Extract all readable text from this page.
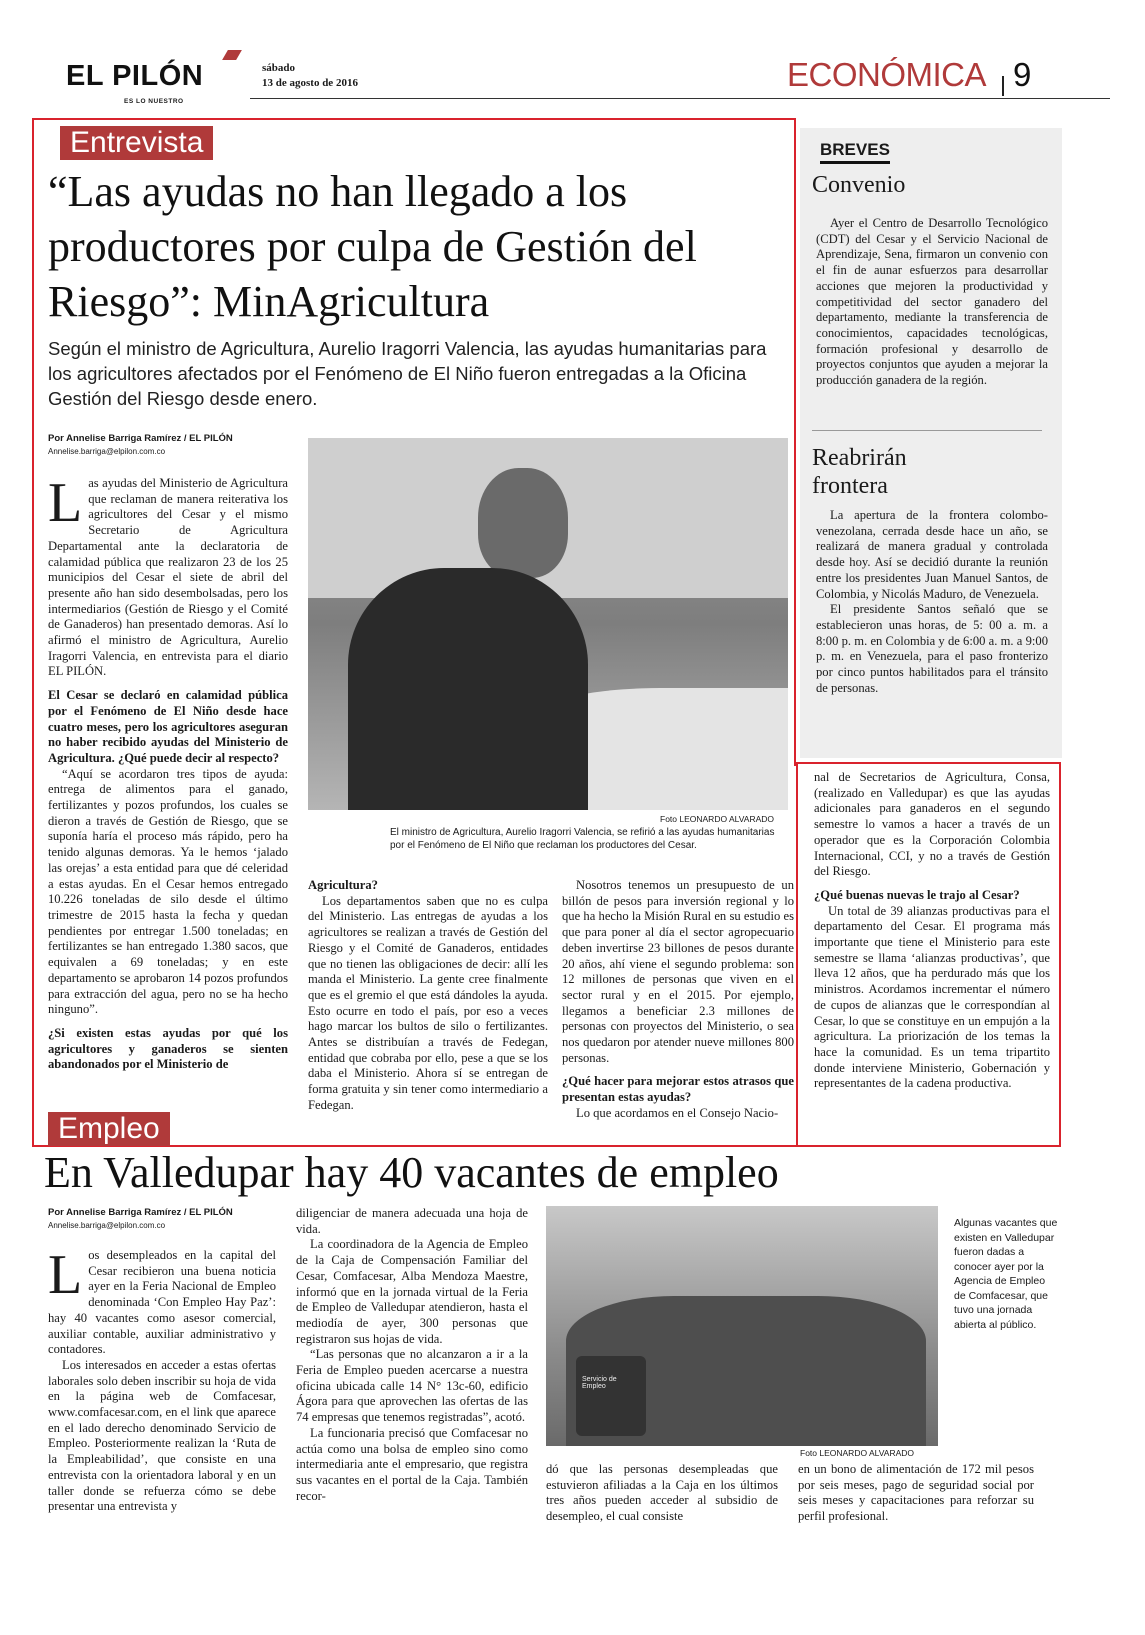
EL PILÓN
ES LO NUESTRO
sábado
13 de agosto de 2016	ECONÓMICA 9
Entrevista
“Las ayudas no han llegado a los productores por culpa de Gestión del Riesgo”: MinAgricultura
Según el ministro de Agricultura, Aurelio Iragorri Valencia, las ayudas humanitarias para los agricultores afectados por el Fenómeno de El Niño fueron entregadas a la Oficina Gestión del Riesgo desde enero.
Por Annelise Barriga Ramírez / EL PILÓN
Annelise.barriga@elpilon.com.co

Las ayudas del Ministerio de Agricultura que reclaman de manera reiterativa los agricultores del Cesar y el mismo Secretario de Agricultura Departamental ante la declaratoria de calamidad pública que realizaron 23 de los 25 municipios del Cesar el siete de abril del presente año han sido desembolsadas, pero los intermediarios (Gestión de Riesgo y el Comité de Ganaderos) han presentado demoras. Así lo afirmó el ministro de Agricultura, Aurelio Iragorri Valencia, en entrevista para el diario EL PILÓN.

El Cesar se declaró en calamidad pública por el Fenómeno de El Niño desde hace cuatro meses, pero los agricultores aseguran no haber recibido ayudas del Ministerio de Agricultura. ¿Qué puede decir al respecto?

“Aquí se acordaron tres tipos de ayuda: entrega de alimentos para el ganado, fertilizantes y pozos profundos, los cuales se dieron a través de Gestión de Riesgo, que se suponía haría el proceso más rápido, pero ha tenido algunas demoras. Ya le hemos ‘jalado las orejas’ a esta entidad para que dé celeridad a estas ayudas. En el Cesar hemos entregado 10.226 toneladas de silo desde el último trimestre de 2015 hasta la fecha y quedan pendientes por entregar 1.500 toneladas; en fertilizantes se han entregado 1.380 sacos, que equivalen a 69 toneladas; y en este departamento se aprobaron 14 pozos profundos para extracción del agua, pero no se ha hecho ninguno”.

¿Si existen estas ayudas por qué los agricultores y ganaderos se sienten abandonados por el Ministerio de

Foto LEONARDO ALVARADO
El ministro de Agricultura, Aurelio Iragorri Valencia, se refirió a las ayudas humanitarias por el Fenómeno de El Niño que reclaman los productores del Cesar.

Agricultura?

Los departamentos saben que no es culpa del Ministerio. Las entregas de ayudas a los agricultores se realizan a través de Gestión del Riesgo y el Comité de Ganaderos, entidades que no tienen las obligaciones de decir: allí les manda el Ministerio. La gente cree finalmente que es el gremio el que está dándoles la ayuda. Esto ocurre en todo el país, por eso a veces hago marcar los bultos de silo o fertilizantes. Antes se distribuían a través de Fedegan, entidad que cobraba por ello, pese a que se los daba el Ministerio. Ahora sí se entregan de forma gratuita y sin tener como intermediario a Fedegan.

Nosotros tenemos un presupuesto de un billón de pesos para inversión regional y lo que ha hecho la Misión Rural en su estudio es que para poner al día el sector agropecuario deben invertirse 23 billones de pesos durante 20 años, ahí viene el segundo problema: son 12 millones de personas que viven en el sector rural y en el 2015. Por ejemplo, llegamos a beneficiar 2.3 millones de personas con proyectos del Ministerio, o sea nos quedaron por atender nueve millones 800 personas.

¿Qué hacer para mejorar estos atrasos que presentan estas ayudas?

Lo que acordamos en el Consejo Nacio-

nal de Secretarios de Agricultura, Consa, (realizado en Valledupar) es que las ayudas adicionales para ganaderos en el segundo semestre lo vamos a hacer a través de un operador que es la Corporación Colombia Internacional, CCI, y no a través de Gestión del Riesgo.

¿Qué buenas nuevas le trajo al Cesar?

Un total de 39 alianzas productivas para el departamento del Cesar. El programa más importante que tiene el Ministerio para este semestre se llama ‘alianzas productivas’, que lleva 12 años, que ha perdurado más que los ministros. Acordamos incrementar el número de cupos de alianzas que le correspondían al Cesar, lo que se constituye en un empujón a la agricultura. La priorización de los temas la hace la comunidad. Es un tema tripartito donde interviene Ministerio, Gobernación y representantes de la cadena productiva.

BREVES
Convenio

Ayer el Centro de Desarrollo Tecnológico (CDT) del Cesar y el Servicio Nacional de Aprendizaje, Sena, firmaron un convenio con el fin de aunar esfuerzos para desarrollar acciones que mejoren la productividad y competitividad del sector ganadero del departamento, mediante la transferencia de conocimientos, capacidades tecnológicas, formación profesional y desarrollo de proyectos conjuntos que ayuden a mejorar la producción ganadera de la región.

Reabrirán frontera

La apertura de la frontera colombo-venezolana, cerrada desde hace un año, se realizará de manera gradual y controlada desde hoy. Así se decidió durante la reunión entre los presidentes Juan Manuel Santos, de Colombia, y Nicolás Maduro, de Venezuela.

El presidente Santos señaló que se establecieron unas horas, de 5: 00 a. m. a 8:00 p. m. en Colombia y de 6:00 a. m. a 9:00 p. m. en Venezuela, para el paso fronterizo por cinco puntos habilitados para el tránsito de personas.

Empleo
En Valledupar hay 40 vacantes de empleo
Por Annelise Barriga Ramírez / EL PILÓN
Annelise.barriga@elpilon.com.co

Los desempleados en la capital del Cesar recibieron una buena noticia ayer en la Feria Nacional de Empleo denominada ‘Con Empleo Hay Paz’: hay 40 vacantes como asesor comercial, auxiliar contable, auxiliar administrativo y contadores.

Los interesados en acceder a estas ofertas laborales solo deben inscribir su hoja de vida en la página web de Comfacesar, www.comfacesar.com, en el link que aparece en el lado derecho denominado Servicio de Empleo. Posteriormente realizan la ‘Ruta de la Empleabilidad’, que consiste en una entrevista con la orientadora laboral y en un taller donde se refuerza cómo se debe presentar una entrevista y

diligenciar de manera adecuada una hoja de vida.

La coordinadora de la Agencia de Empleo de la Caja de Compensación Familiar del Cesar, Comfacesar, Alba Mendoza Maestre, informó que en la jornada virtual de la Feria de Empleo de Valledupar atendieron, hasta el mediodía de ayer, 300 personas que registraron sus hojas de vida.

“Las personas que no alcanzaron a ir a la Feria de Empleo pueden acercarse a nuestra oficina ubicada calle 14 N° 13c-60, edificio Ágora para que aprovechen las ofertas de las 74 empresas que tenemos registradas”, acotó.

La funcionaria precisó que Comfacesar no actúa como una bolsa de empleo sino como intermediaria ante el empresario, que registra sus vacantes en el portal de la Caja. También recor-

Servicio de Empleo
Foto LEONARDO ALVARADO
Algunas vacantes que existen en Valledupar fueron dadas a conocer ayer por la Agencia de Empleo de Comfacesar, que tuvo una jornada abierta al público.

dó que las personas desempleadas que estuvieron afiliadas a la Caja en los últimos tres años pueden acceder al subsidio de desempleo, el cual consiste

en un bono de alimentación de 172 mil pesos por seis meses, pago de seguridad social por seis meses y capacitaciones para reforzar su perfil profesional.
